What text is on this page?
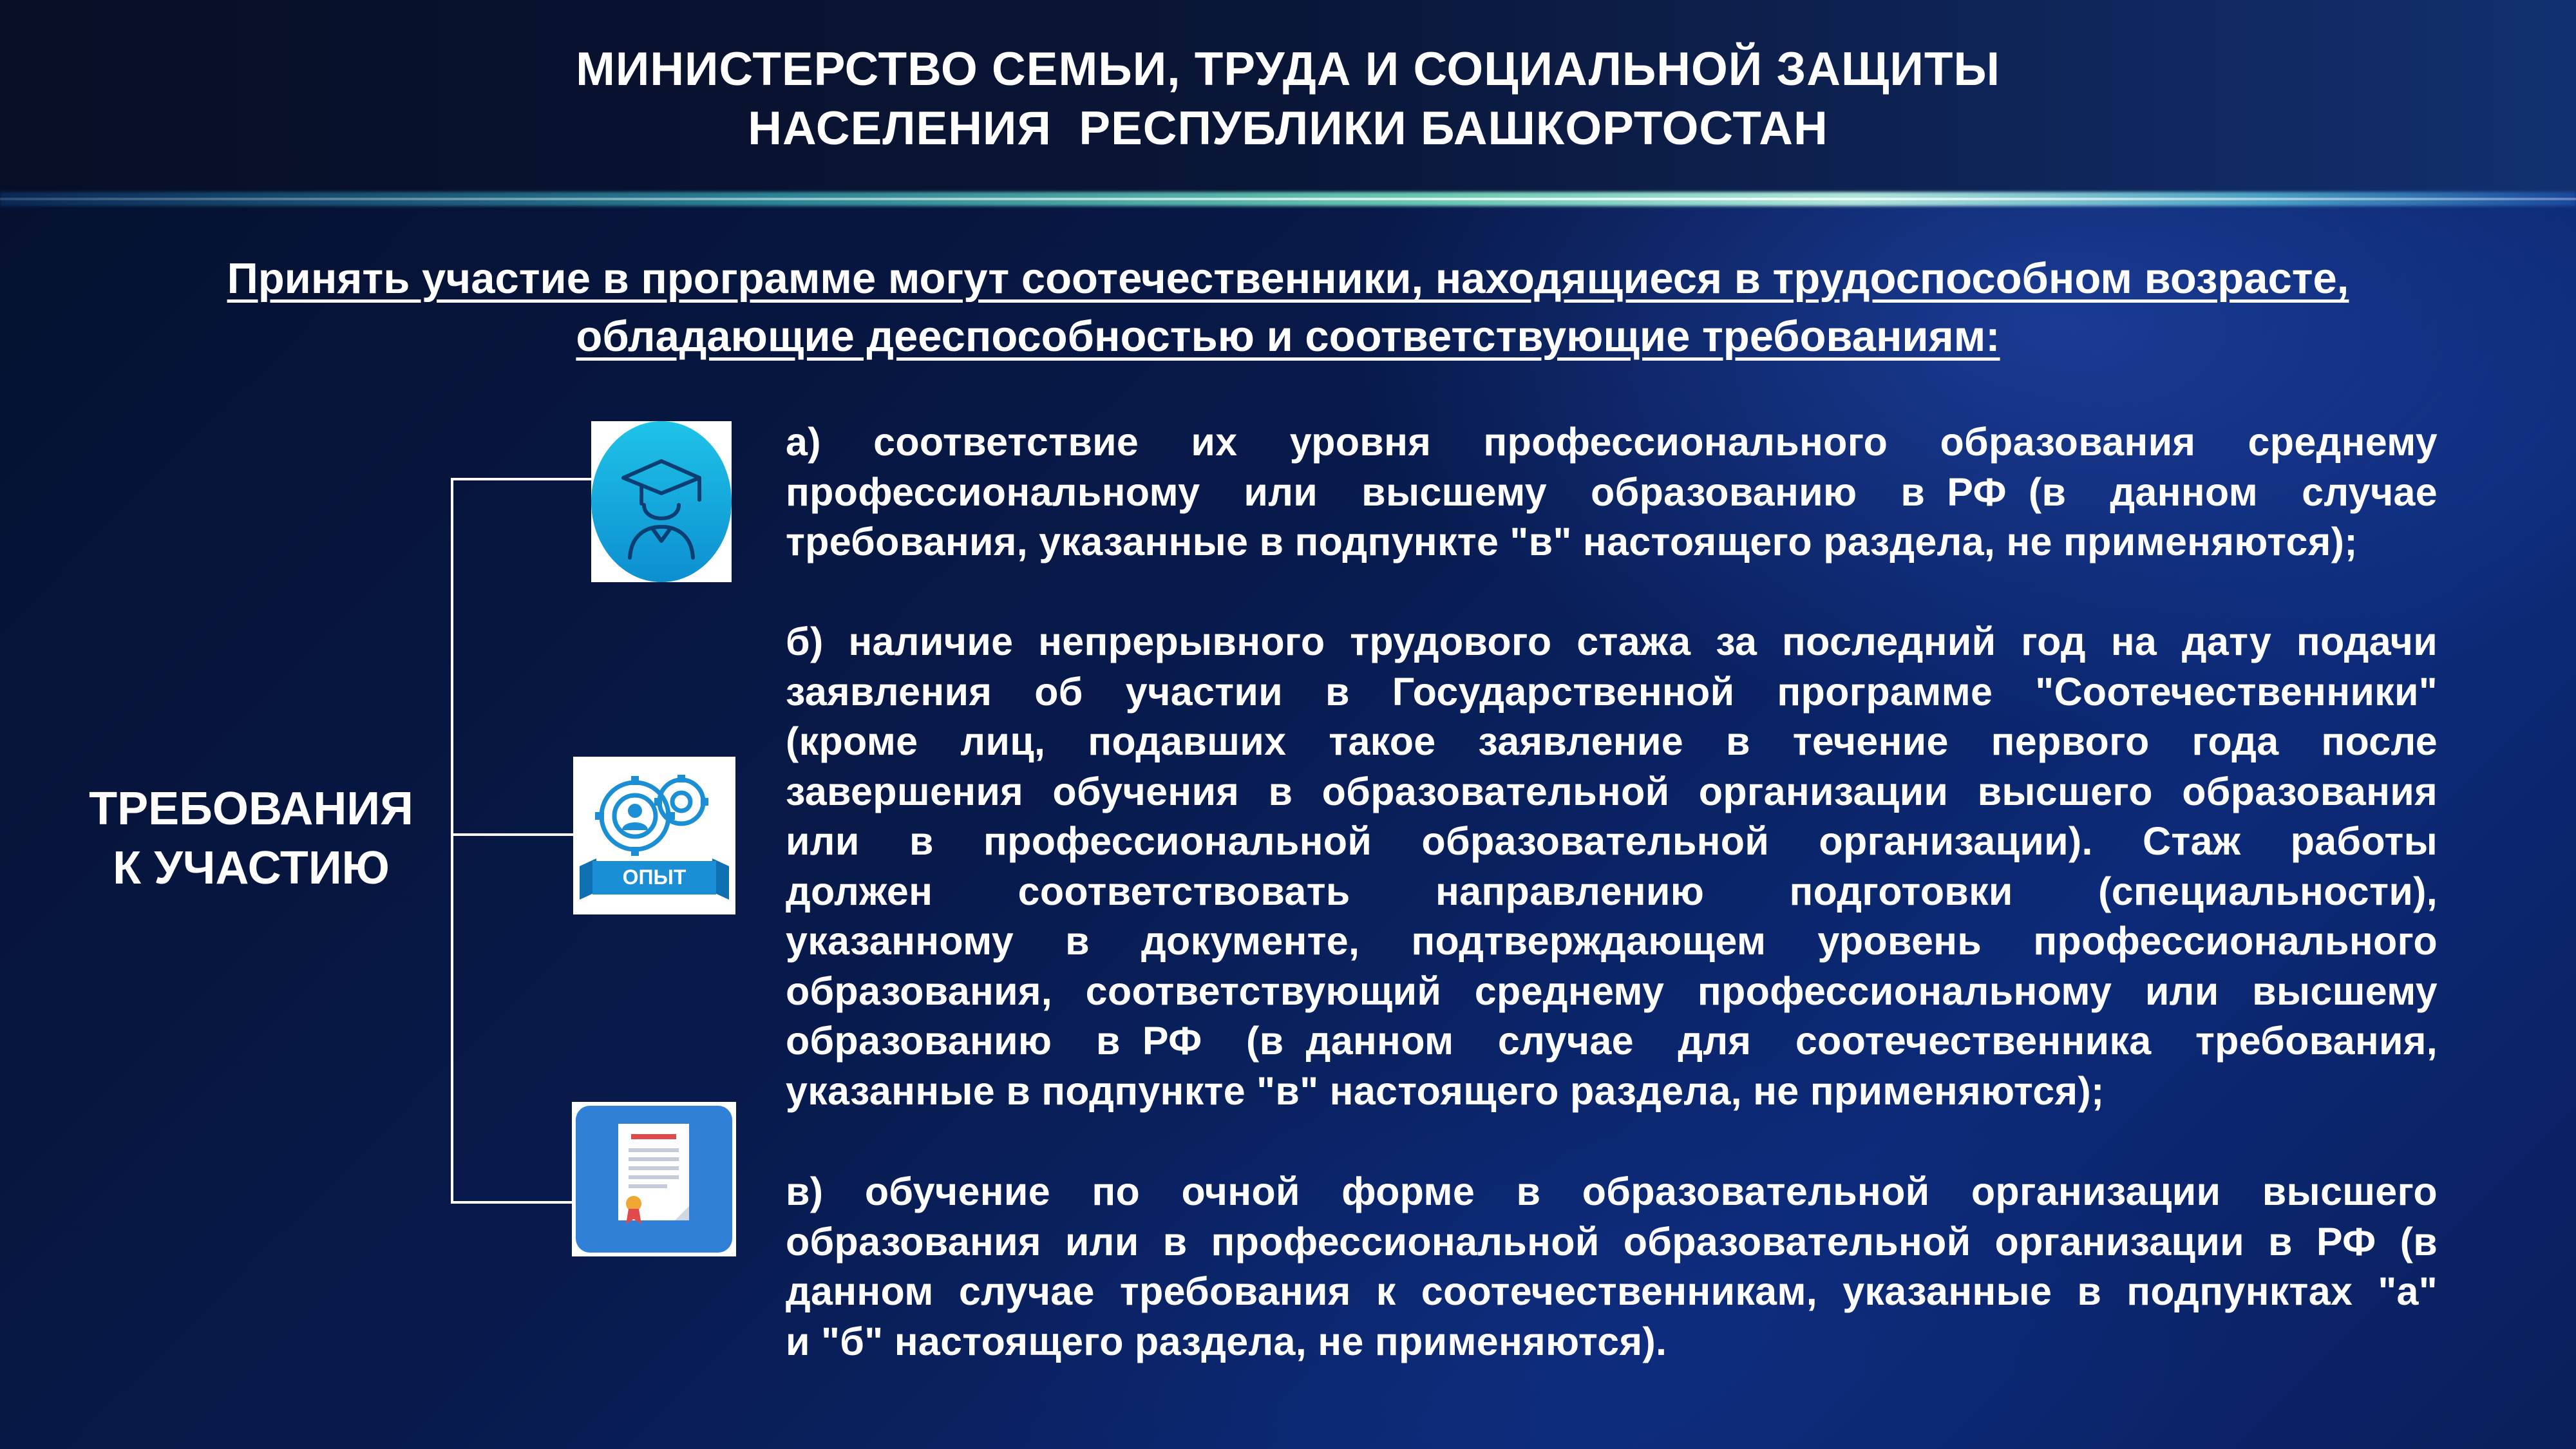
МИНИСТЕРСТВО СЕМЬИ, ТРУДА И СОЦИАЛЬНОЙ ЗАЩИТЫ
НАСЕЛЕНИЯ  РЕСПУБЛИКИ БАШКОРТОСТАН
Принять участие в программе могут соотечественники, находящиеся в трудоспособном возрасте,
обладающие дееспособностью и соответствующие требованиям:
ТРЕБОВАНИЯ
К УЧАСТИЮ	ОПЫТ
а)  соответствие  их  уровня  профессионального  образования  среднему
профессиональному  или  высшему  образованию  в РФ (в  данном  случае
требования, указанные в подпункте "в" настоящего раздела, не применяются);
б) наличие непрерывного трудового стажа за последний год на дату подачи
заявления  об  участии  в  Государственной  программе  "Соотечественники"
(кроме  лиц,  подавших  такое  заявление  в  течение  первого  года  после
завершения обучения в образовательной организации высшего образования
или  в  профессиональной  образовательной  организации).  Стаж  работы
должен   соответствовать   направлению   подготовки   (специальности),
указанному  в  документе,  подтверждающем  уровень  профессионального
образования, соответствующий среднему профессиональному или высшему
образованию  в РФ  (в данном  случае  для  соотечественника  требования,
указанные в подпункте "в" настоящего раздела, не применяются);
в)  обучение  по  очной  форме  в  образовательной  организации  высшего
образования или в профессиональной образовательной организации в РФ (в
данном случае требования к соотечественникам, указанные в подпунктах "а"
и "б" настоящего раздела, не применяются).
